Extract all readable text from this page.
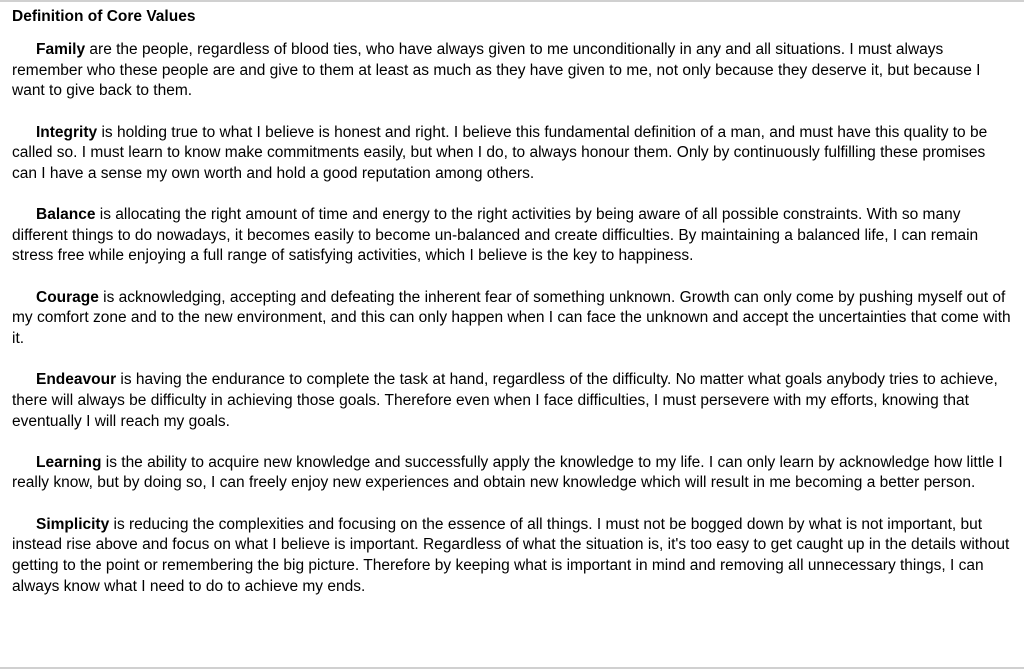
Definition of Core Values

Family are the people, regardless of blood ties, who have always given to me unconditionally in any and all situations. I must always remember who these people are and give to them at least as much as they have given to me, not only because they deserve it, but because I want to give back to them.

Integrity is holding true to what I believe is honest and right. I believe this fundamental definition of a man, and must have this quality to be called so. I must learn to know make commitments easily, but when I do, to always honour them. Only by continuously fulfilling these promises can I have a sense my own worth and hold a good reputation among others.

Balance is allocating the right amount of time and energy to the right activities by being aware of all possible constraints. With so many different things to do nowadays, it becomes easily to become un-balanced and create difficulties. By maintaining a balanced life, I can remain stress free while enjoying a full range of satisfying activities, which I believe is the key to happiness.

Courage is acknowledging, accepting and defeating the inherent fear of something unknown. Growth can only come by pushing myself out of my comfort zone and to the new environment, and this can only happen when I can face the unknown and accept the uncertainties that come with it.

Endeavour is having the endurance to complete the task at hand, regardless of the difficulty. No matter what goals anybody tries to achieve, there will always be difficulty in achieving those goals. Therefore even when I face difficulties, I must persevere with my efforts, knowing that eventually I will reach my goals.

Learning is the ability to acquire new knowledge and successfully apply the knowledge to my life. I can only learn by acknowledge how little I really know, but by doing so, I can freely enjoy new experiences and obtain new knowledge which will result in me becoming a better person.

Simplicity is reducing the complexities and focusing on the essence of all things. I must not be bogged down by what is not important, but instead rise above and focus on what I believe is important. Regardless of what the situation is, it's too easy to get caught up in the details without getting to the point or remembering the big picture. Therefore by keeping what is important in mind and removing all unnecessary things, I can always know what I need to do to achieve my ends.
